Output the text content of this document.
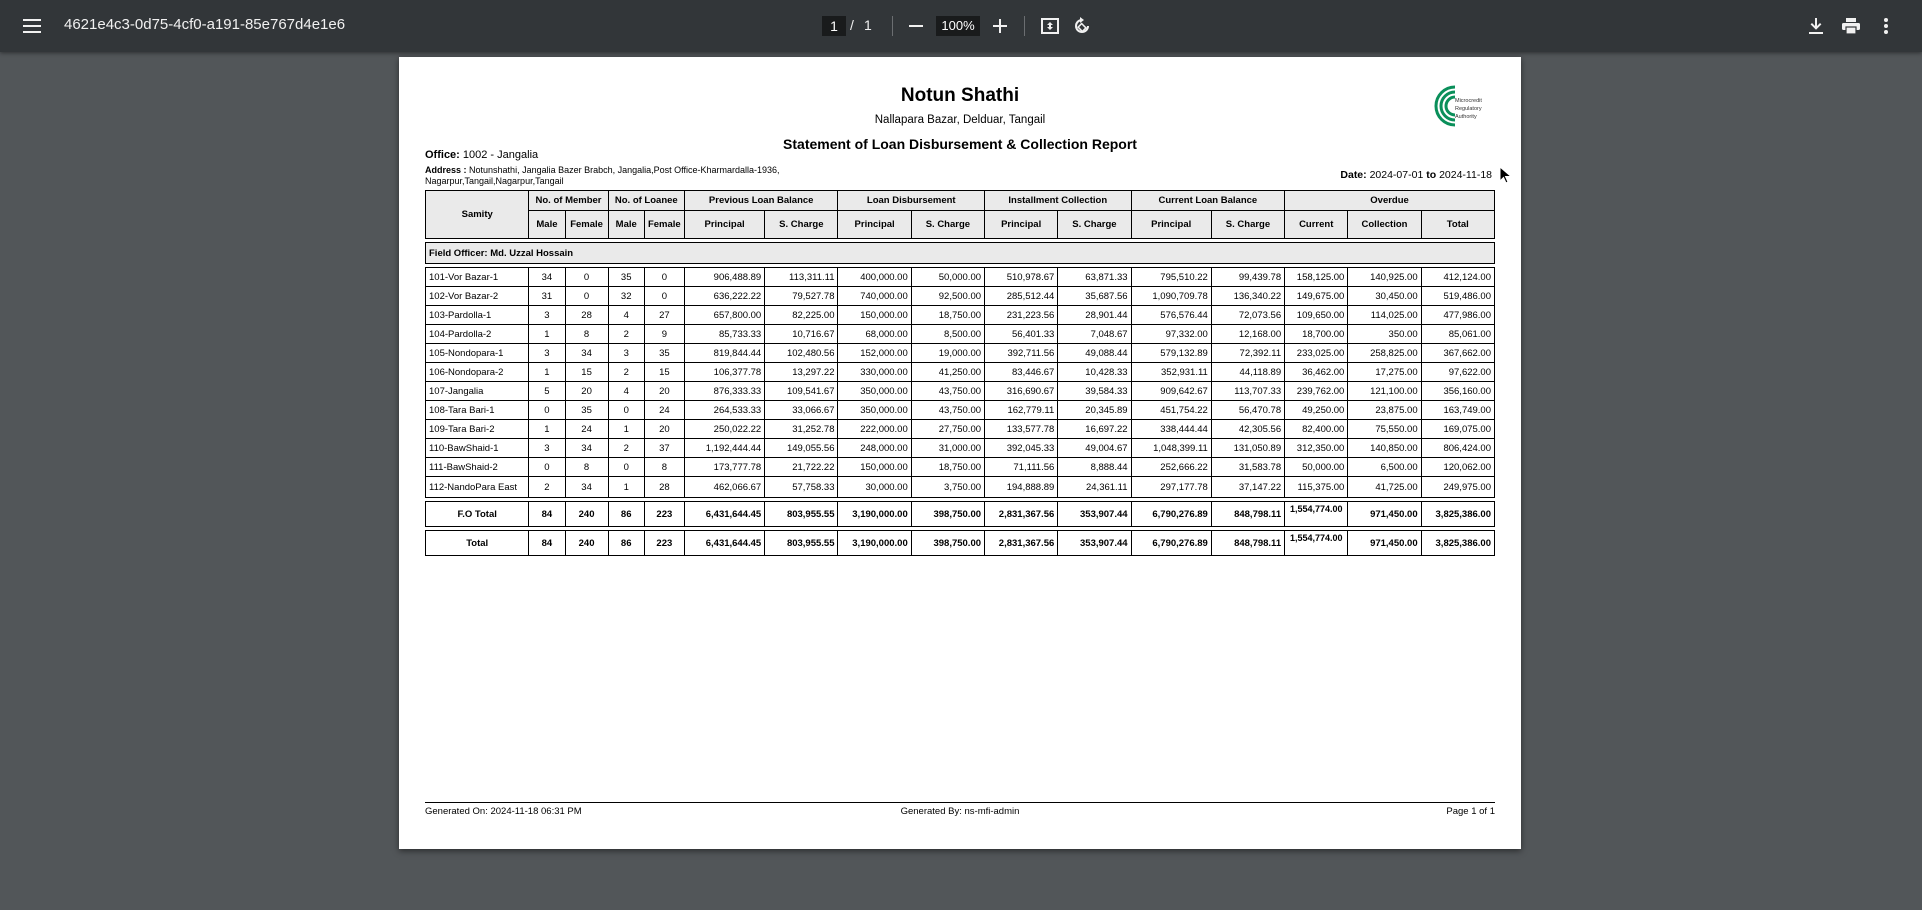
4621e4c3-0d75-4cf0-a191-85e767d4e1e6	1 / 1	100%
Notun Shathi
Nallapara Bazar, Delduar, Tangail
Statement of Loan Disbursement & Collection Report
Microcredit
Regulatory
Authority
Office: 1002 - Jangalia
Address : Notunshathi, Jangalia Bazer Brabch, Jangalia,Post Office-Kharmardalla-1936,
Nagarpur,Tangail,Nagarpur,Tangail	Date: 2024-07-01 to 2024-11-18
Samity	No. of Member		No. of Loanee		Previous Loan Balance		Loan Disbursement		Installment Collection		Current Loan Balance		Overdue		
	Male	Female	Male	Female	Principal	S. Charge	Principal	S. Charge	Principal	S. Charge	Principal	S. Charge	Current	Collection	Total

Field Officer: Md. Uzzal Hossain															

101-Vor Bazar-1	34	0	35	0	906,488.89	113,311.11	400,000.00	50,000.00	510,978.67	63,871.33	795,510.22	99,439.78	158,125.00	140,925.00	412,124.00
102-Vor Bazar-2	31	0	32	0	636,222.22	79,527.78	740,000.00	92,500.00	285,512.44	35,687.56	1,090,709.78	136,340.22	149,675.00	30,450.00	519,486.00
103-Pardolla-1	3	28	4	27	657,800.00	82,225.00	150,000.00	18,750.00	231,223.56	28,901.44	576,576.44	72,073.56	109,650.00	114,025.00	477,986.00
104-Pardolla-2	1	8	2	9	85,733.33	10,716.67	68,000.00	8,500.00	56,401.33	7,048.67	97,332.00	12,168.00	18,700.00	350.00	85,061.00
105-Nondopara-1	3	34	3	35	819,844.44	102,480.56	152,000.00	19,000.00	392,711.56	49,088.44	579,132.89	72,392.11	233,025.00	258,825.00	367,662.00
106-Nondopara-2	1	15	2	15	106,377.78	13,297.22	330,000.00	41,250.00	83,446.67	10,428.33	352,931.11	44,118.89	36,462.00	17,275.00	97,622.00
107-Jangalia	5	20	4	20	876,333.33	109,541.67	350,000.00	43,750.00	316,690.67	39,584.33	909,642.67	113,707.33	239,762.00	121,100.00	356,160.00
108-Tara Bari-1	0	35	0	24	264,533.33	33,066.67	350,000.00	43,750.00	162,779.11	20,345.89	451,754.22	56,470.78	49,250.00	23,875.00	163,749.00
109-Tara Bari-2	1	24	1	20	250,022.22	31,252.78	222,000.00	27,750.00	133,577.78	16,697.22	338,444.44	42,305.56	82,400.00	75,550.00	169,075.00
110-BawShaid-1	3	34	2	37	1,192,444.44	149,055.56	248,000.00	31,000.00	392,045.33	49,004.67	1,048,399.11	131,050.89	312,350.00	140,850.00	806,424.00
111-BawShaid-2	0	8	0	8	173,777.78	21,722.22	150,000.00	18,750.00	71,111.56	8,888.44	252,666.22	31,583.78	50,000.00	6,500.00	120,062.00
112-NandoPara East	2	34	1	28	462,066.67	57,758.33	30,000.00	3,750.00	194,888.89	24,361.11	297,177.78	37,147.22	115,375.00	41,725.00	249,975.00

F.O Total	84	240	86	223	6,431,644.45	803,955.55	3,190,000.00	398,750.00	2,831,367.56	353,907.44	6,790,276.89	848,798.11	1,554,774.00	971,450.00	3,825,386.00

Total	84	240	86	223	6,431,644.45	803,955.55	3,190,000.00	398,750.00	2,831,367.56	353,907.44	6,790,276.89	848,798.11	1,554,774.00	971,450.00	3,825,386.00
Generated On: 2024-11-18 06:31 PM	Generated By: ns-mfi-admin	Page 1 of 1
